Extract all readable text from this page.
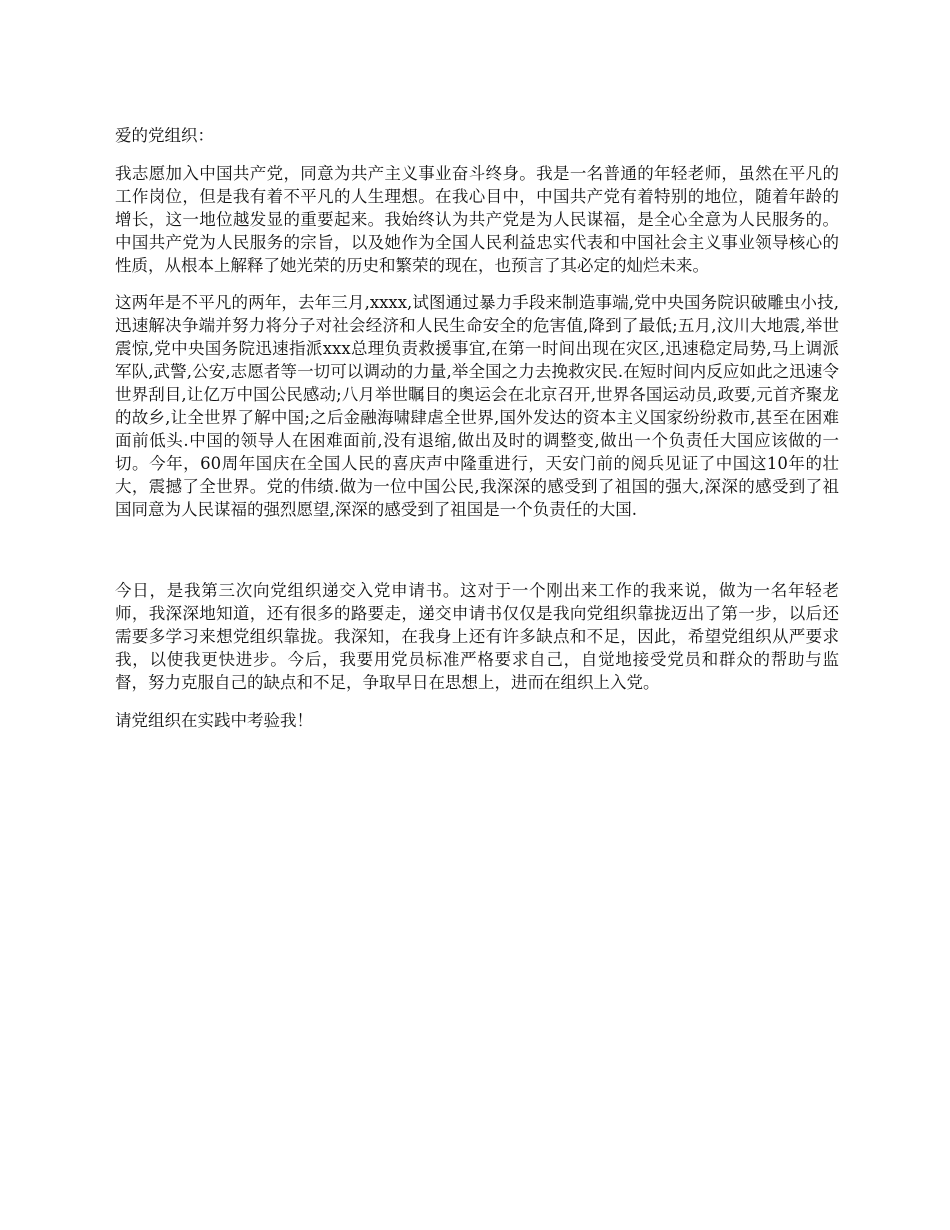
爱的党组织：

我志愿加入中国共产党，同意为共产主义事业奋斗终身。我是一名普通的年轻老师，虽然在平凡的工作岗位，但是我有着不平凡的人生理想。在我心目中，中国共产党有着特别的地位，随着年龄的增长，这一地位越发显的重要起来。我始终认为共产党是为人民谋福，是全心全意为人民服务的。中国共产党为人民服务的宗旨，以及她作为全国人民利益忠实代表和中国社会主义事业领导核心的性质，从根本上解释了她光荣的历史和繁荣的现在，也预言了其必定的灿烂未来。

这两年是不平凡的两年，去年三月,xxxx,试图通过暴力手段来制造事端,党中央国务院识破雕虫小技,迅速解决争端并努力将分子对社会经济和人民生命安全的危害值,降到了最低;五月,汶川大地震,举世震惊,党中央国务院迅速指派xxx总理负责救援事宜,在第一时间出现在灾区,迅速稳定局势,马上调派军队,武警,公安,志愿者等一切可以调动的力量,举全国之力去挽救灾民.在短时间内反应如此之迅速令世界刮目,让亿万中国公民感动;八月举世瞩目的奥运会在北京召开,世界各国运动员,政要,元首齐聚龙的故乡,让全世界了解中国;之后金融海啸肆虐全世界,国外发达的资本主义国家纷纷救市,甚至在困难面前低头.中国的领导人在困难面前,没有退缩,做出及时的调整变,做出一个负责任大国应该做的一切。今年，60周年国庆在全国人民的喜庆声中隆重进行，天安门前的阅兵见证了中国这10年的壮大，震撼了全世界。党的伟绩.做为一位中国公民,我深深的感受到了祖国的强大,深深的感受到了祖国同意为人民谋福的强烈愿望,深深的感受到了祖国是一个负责任的大国.

今日，是我第三次向党组织递交入党申请书。这对于一个刚出来工作的我来说，做为一名年轻老师，我深深地知道，还有很多的路要走，递交申请书仅仅是我向党组织靠拢迈出了第一步，以后还需要多学习来想党组织靠拢。我深知，在我身上还有许多缺点和不足，因此，希望党组织从严要求我，以使我更快进步。今后，我要用党员标准严格要求自己，自觉地接受党员和群众的帮助与监督，努力克服自己的缺点和不足，争取早日在思想上，进而在组织上入党。

请党组织在实践中考验我！
